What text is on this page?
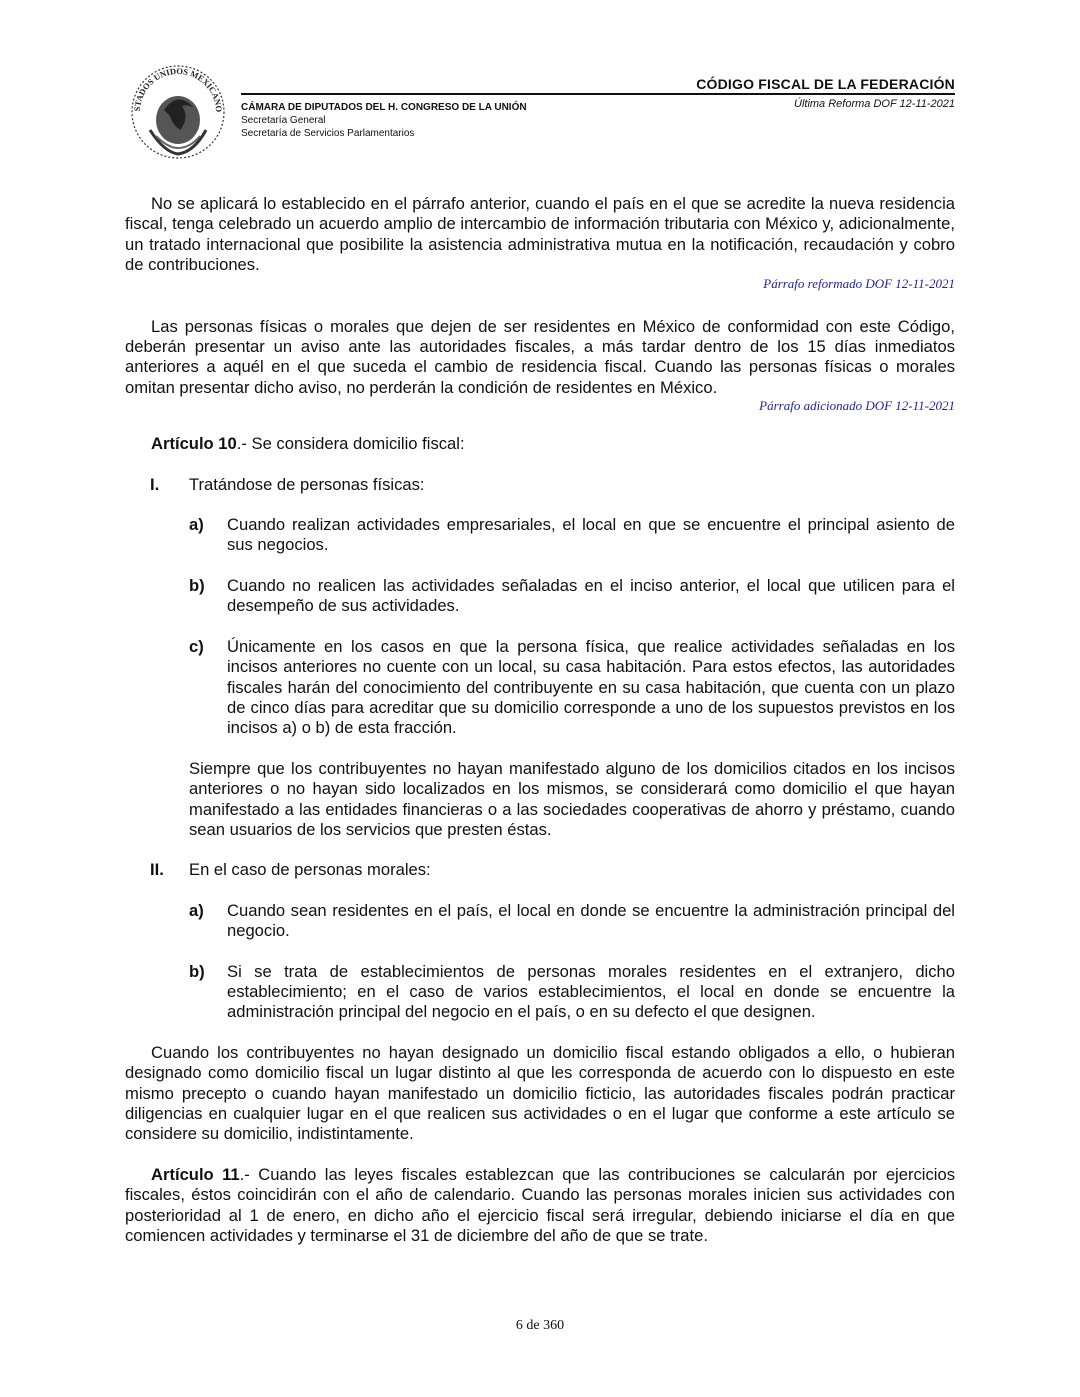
STADOS UNIDOS MEXICANO
CÓDIGO FISCAL DE LA FEDERACIÓN
Última Reforma DOF 12-11-2021
CÁMARA DE DIPUTADOS DEL H. CONGRESO DE LA UNIÓN
Secretaría General
Secretaría de Servicios Parlamentarios

No se aplicará lo establecido en el párrafo anterior, cuando el país en el que se acredite la nueva residencia fiscal, tenga celebrado un acuerdo amplio de intercambio de información tributaria con México y, adicionalmente, un tratado internacional que posibilite la asistencia administrativa mutua en la notificación, recaudación y cobro de contribuciones.

Párrafo reformado DOF 12-11-2021

Las personas físicas o morales que dejen de ser residentes en México de conformidad con este Código, deberán presentar un aviso ante las autoridades fiscales, a más tardar dentro de los 15 días inmediatos anteriores a aquél en el que suceda el cambio de residencia fiscal. Cuando las personas físicas o morales omitan presentar dicho aviso, no perderán la condición de residentes en México.

Párrafo adicionado DOF 12-11-2021

Artículo 10.- Se considera domicilio fiscal:

I. Tratándose de personas físicas:

a) Cuando realizan actividades empresariales, el local en que se encuentre el principal asiento de sus negocios.

b) Cuando no realicen las actividades señaladas en el inciso anterior, el local que utilicen para el desempeño de sus actividades.

c) Únicamente en los casos en que la persona física, que realice actividades señaladas en los incisos anteriores no cuente con un local, su casa habitación. Para estos efectos, las autoridades fiscales harán del conocimiento del contribuyente en su casa habitación, que cuenta con un plazo de cinco días para acreditar que su domicilio corresponde a uno de los supuestos previstos en los incisos a) o b) de esta fracción.

Siempre que los contribuyentes no hayan manifestado alguno de los domicilios citados en los incisos anteriores o no hayan sido localizados en los mismos, se considerará como domicilio el que hayan manifestado a las entidades financieras o a las sociedades cooperativas de ahorro y préstamo, cuando sean usuarios de los servicios que presten éstas.

II. En el caso de personas morales:

a) Cuando sean residentes en el país, el local en donde se encuentre la administración principal del negocio.

b) Si se trata de establecimientos de personas morales residentes en el extranjero, dicho establecimiento; en el caso de varios establecimientos, el local en donde se encuentre la administración principal del negocio en el país, o en su defecto el que designen.

Cuando los contribuyentes no hayan designado un domicilio fiscal estando obligados a ello, o hubieran designado como domicilio fiscal un lugar distinto al que les corresponda de acuerdo con lo dispuesto en este mismo precepto o cuando hayan manifestado un domicilio ficticio, las autoridades fiscales podrán practicar diligencias en cualquier lugar en el que realicen sus actividades o en el lugar que conforme a este artículo se considere su domicilio, indistintamente.

Artículo 11.- Cuando las leyes fiscales establezcan que las contribuciones se calcularán por ejercicios fiscales, éstos coincidirán con el año de calendario. Cuando las personas morales inicien sus actividades con posterioridad al 1 de enero, en dicho año el ejercicio fiscal será irregular, debiendo iniciarse el día en que comiencen actividades y terminarse el 31 de diciembre del año de que se trate.

6 de 360
